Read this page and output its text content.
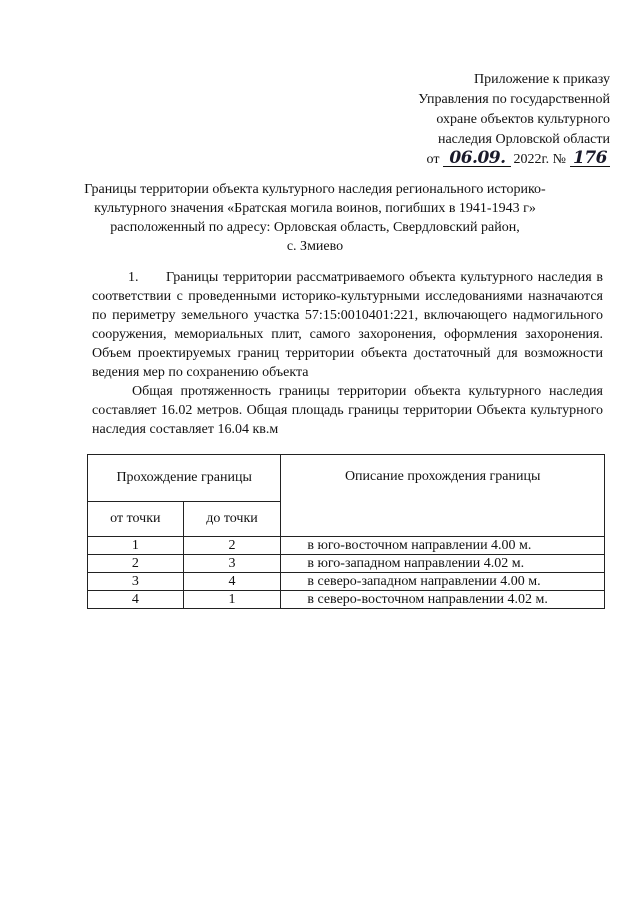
Приложение к приказу
Управления по государственной
охране объектов культурного
наследия Орловской области
от 06.09. 2022г. № 176
Границы территории объекта культурного наследия регионального историко-
культурного значения «Братская могила воинов, погибших в 1941-1943 г»
расположенный по адресу: Орловская область, Свердловский район,
с. Змиево

1. Границы территории рассматриваемого объекта культурного наследия в соответствии с проведенными историко-культурными исследованиями назначаются по периметру земельного участка 57:15:0010401:221, включающего надмогильного сооружения, мемориальных плит, самого захоронения, оформления захоронения. Объем проектируемых границ территории объекта достаточный для возможности ведения мер по сохранению объекта

Общая протяженность границы территории объекта культурного наследия составляет 16.02 метров. Общая площадь границы территории Объекта культурного наследия составляет 16.04 кв.м

Прохождение границы		Описание прохождения границы
от точки	до точки	
1	2	в юго-восточном направлении 4.00 м.
2	3	в юго-западном направлении 4.02 м.
3	4	в северо-западном направлении 4.00 м.
4	1	в северо-восточном направлении 4.02 м.
